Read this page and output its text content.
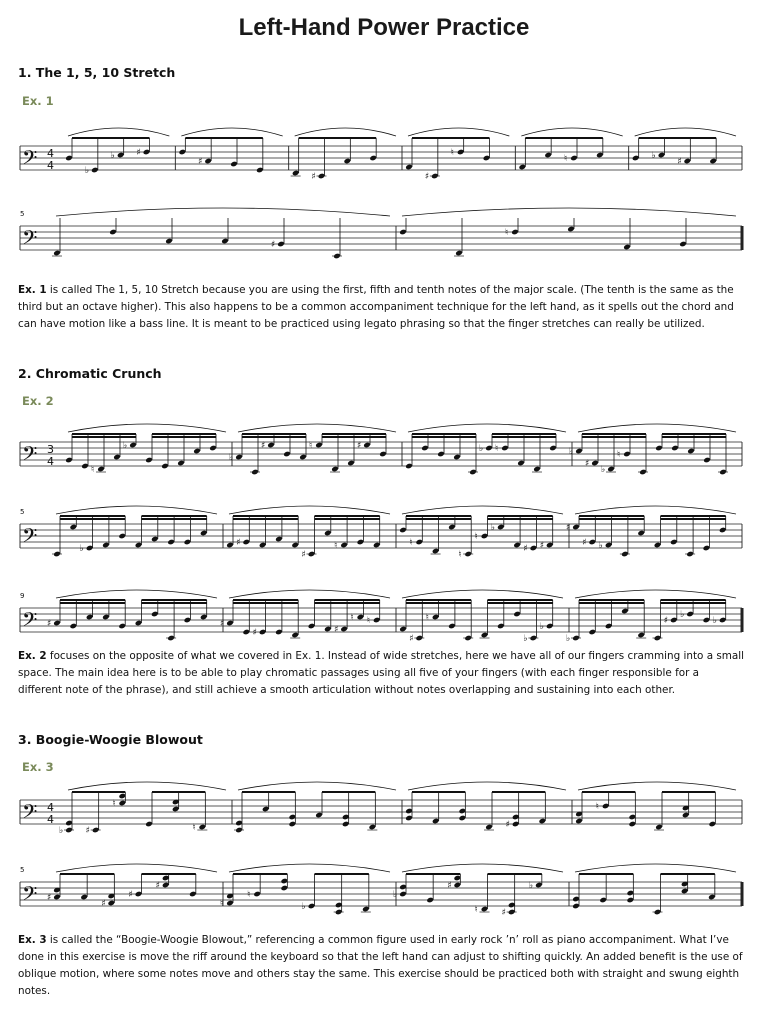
Left-Hand Power Practice
1. The 1, 5, 10 Stretch
Ex. 1
𝄢 4
4	♭
♭ ♯
♯
♯	♯
♮
♮	♭
♯
𝄢
5
♯
♮

Ex. 1 is called The 1, 5, 10 Stretch because you are using the first, fifth and tenth notes of the major scale. (The tenth is the same as the third but an octave higher). This also happens to be a common accompaniment technique for the left hand, as it spells out the chord and can have motion like a bass line. It is meant to be practiced using legato phrasing so that the finger stretches can really be utilized.

2. Chromatic Crunch
Ex. 2
𝄢 3
4
♮
♭
♭
♯	♮	♯	♭ ♮	♭
♯
♭
♮
𝄢
5
♭
♯
♯
♮	♮
♮
♮
♭
♯ ♯
♯
♯ ♭
𝄢
9
♯	♯
♯	♯
♮ ♮
♯
♮
♭
♭
♭
♯
♭
♭

Ex. 2 focuses on the opposite of what we covered in Ex. 1. Instead of wide stretches, here we have all of our fingers cramming into a small space. The main idea here is to be able to play chromatic passages using all five of your fingers (with each finger responsible for a different note of the phrase), and still achieve a smooth articulation without notes overlapping and sustaining into each other.

3. Boogie-Woogie Blowout
Ex. 3
𝄢 4
4
♭ ♯
♮
♮	♯
♮
𝄢
5
♯
♯
♯
♯
♮
♮
♭
♭
♯
♮	♯
♭

Ex. 3 is called the “Boogie-Woogie Blowout,” referencing a common figure used in early rock ’n’ roll as piano accompaniment. What I’ve done in this exercise is move the riff around the keyboard so that the left hand can adjust to shifting quickly. An added benefit is the use of oblique motion, where some notes move and others stay the same. This exercise should be practiced both with straight and swung eighth notes.
